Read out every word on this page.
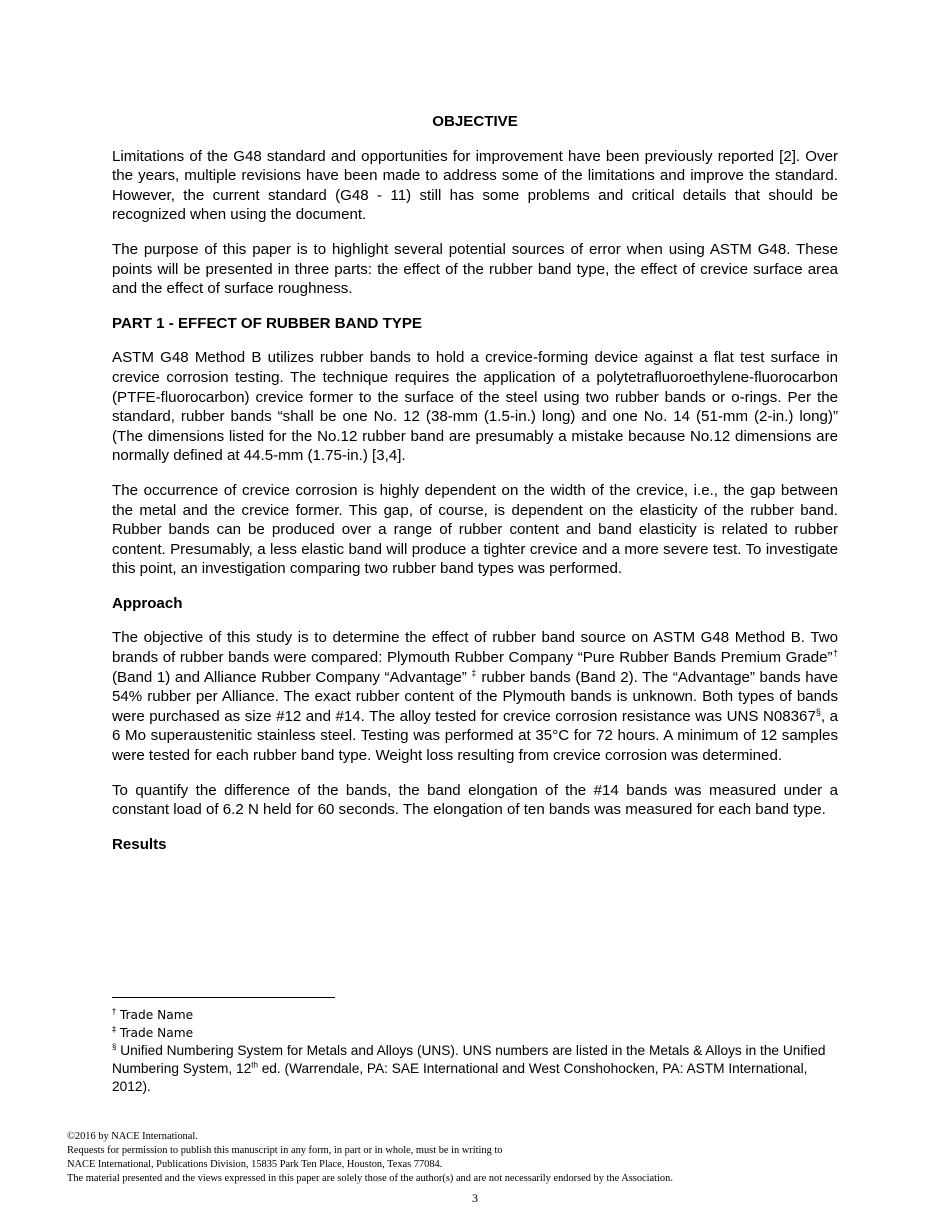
OBJECTIVE

Limitations of the G48 standard and opportunities for improvement have been previously reported [2]. Over the years, multiple revisions have been made to address some of the limitations and improve the standard. However, the current standard (G48 - 11) still has some problems and critical details that should be recognized when using the document.

The purpose of this paper is to highlight several potential sources of error when using ASTM G48. These points will be presented in three parts: the effect of the rubber band type, the effect of crevice surface area and the effect of surface roughness.

PART 1 - EFFECT OF RUBBER BAND TYPE

ASTM G48 Method B utilizes rubber bands to hold a crevice-forming device against a flat test surface in crevice corrosion testing. The technique requires the application of a polytetrafluoroethylene-fluorocarbon (PTFE-fluorocarbon) crevice former to the surface of the steel using two rubber bands or o-rings. Per the standard, rubber bands “shall be one No. 12 (38-mm (1.5-in.) long) and one No. 14 (51-mm (2-in.) long)” (The dimensions listed for the No.12 rubber band are presumably a mistake because No.12 dimensions are normally defined at 44.5-mm (1.75-in.) [3,4].

The occurrence of crevice corrosion is highly dependent on the width of the crevice, i.e., the gap between the metal and the crevice former. This gap, of course, is dependent on the elasticity of the rubber band. Rubber bands can be produced over a range of rubber content and band elasticity is related to rubber content. Presumably, a less elastic band will produce a tighter crevice and a more severe test. To investigate this point, an investigation comparing two rubber band types was performed.

Approach

The objective of this study is to determine the effect of rubber band source on ASTM G48 Method B. Two brands of rubber bands were compared: Plymouth Rubber Company “Pure Rubber Bands Premium Grade”† (Band 1) and Alliance Rubber Company “Advantage” ‡ rubber bands (Band 2). The “Advantage” bands have 54% rubber per Alliance. The exact rubber content of the Plymouth bands is unknown. Both types of bands were purchased as size #12 and #14. The alloy tested for crevice corrosion resistance was UNS N08367§, a 6 Mo superaustenitic stainless steel. Testing was performed at 35°C for 72 hours. A minimum of 12 samples were tested for each rubber band type. Weight loss resulting from crevice corrosion was determined.

To quantify the difference of the bands, the band elongation of the #14 bands was measured under a constant load of 6.2 N held for 60 seconds. The elongation of ten bands was measured for each band type.

Results

† Trade Name

‡ Trade Name

§ Unified Numbering System for Metals and Alloys (UNS). UNS numbers are listed in the Metals & Alloys in the Unified Numbering System, 12th ed. (Warrendale, PA: SAE International and West Conshohocken, PA: ASTM International, 2012).

©2016 by NACE International.
Requests for permission to publish this manuscript in any form, in part or in whole, must be in writing to
NACE International, Publications Division, 15835 Park Ten Place, Houston, Texas 77084.
The material presented and the views expressed in this paper are solely those of the author(s) and are not necessarily endorsed by the Association.
3
